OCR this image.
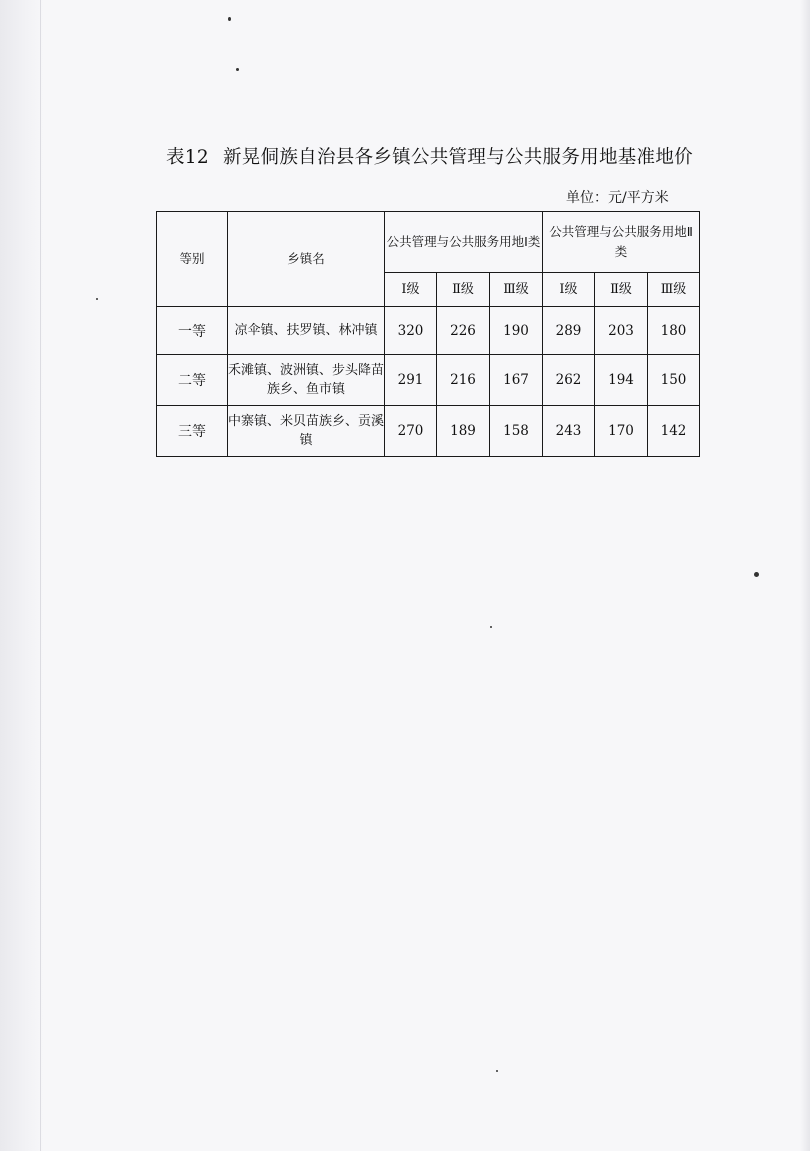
表12 新晃侗族自治县各乡镇公共管理与公共服务用地基准地价
单位：元/平方米
等别	乡镇名	公共管理与公共服务用地Ⅰ类			公共管理与公共服务用地Ⅱ类		
		Ⅰ级	Ⅱ级	Ⅲ级	Ⅰ级	Ⅱ级	Ⅲ级
一等	凉伞镇、扶罗镇、林冲镇	320	226	190	289	203	180
二等	禾滩镇、波洲镇、步头降苗族乡、鱼市镇	291	216	167	262	194	150
三等	中寨镇、米贝苗族乡、贡溪镇	270	189	158	243	170	142
